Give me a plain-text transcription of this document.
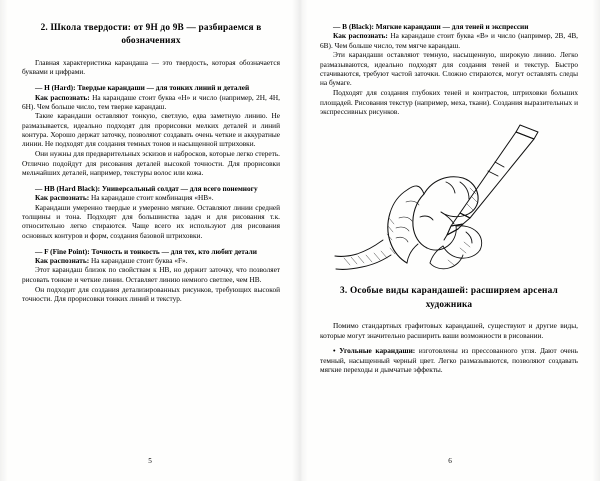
2. Школа твердости: от 9Н до 9В — разбираемся в обозначениях

Главная характеристика карандаша — это твердость, которая обозначается буквами и цифрами.

— H (Hard): Твердые карандаши — для тонких линий и деталей
Как распознать: На карандаше стоит буква «Н» и число (например, 2Н, 4Н, 6Н). Чем больше число, тем тверже карандаш.

Такие карандаши оставляют тонкую, светлую, едва заметную линию. Не размазывается, идеально подходят для прорисовки мелких деталей и линий контура. Хорошо держат заточку, позволяют создавать очень четкие и аккуратные линии. Не подходят для создания темных тонов и насыщенной штриховки.

Они нужны для предварительных эскизов и набросков, которые легко стереть. Отлично подойдут для рисования деталей высокой точности. Для прорисовки мельчайших деталей, например, текстуры волос или кожа.

— HB (Hard Black): Универсальный солдат — для всего понемногу
Как распознать: На карандаше стоит комбинация «НВ».

Карандаши умеренно твердые и умеренно мягкие. Оставляют линии средней толщины и тона. Подходят для большинства задач и для рисования т.к. относительно легко стираются. Чаще всего их используют для рисования основных контуров и форм, создания базовой штриховки.

— F (Fine Point): Точность и тонкость — для тех, кто любит детали
Как распознать: На карандаше стоит буква «F».

Этот карандаш близок по свойствам к НВ, но держит заточку, что позволяет рисовать тонкие и четкие линии. Оставляет линию немного светлее, чем НВ.

Он подходит для создания детализированных рисунков, требующих высокой точности. Для прорисовки тонких линий и текстур.

5
— B (Black): Мягкие карандаши — для теней и экспрессии
Как распознать: На карандаше стоит буква «В» и число (например, 2В, 4В, 6В). Чем больше число, тем мягче карандаш.

Эти карандаши оставляют темную, насыщенную, широкую линию. Легко размазываются, идеально подходят для создания теней и текстур. Быстро стачиваются, требуют частой заточки. Сложно стираются, могут оставлять следы на бумаге.

Подходят для создания глубоких теней и контрастов, штриховки больших площадей. Рисования текстур (например, меха, ткани). Создания выразительных и экспрессивных рисунков.

3. Особые виды карандашей: расширяем арсенал художника

Помимо стандартных графитовых карандашей, существуют и другие виды, которые могут значительно расширить ваши возможности в рисовании.

• Угольные карандаши: изготовлены из прессованного угля. Дают очень темный, насыщенный черный цвет. Легко размазываются, позволяют создавать мягкие переходы и дымчатые эффекты.
6
